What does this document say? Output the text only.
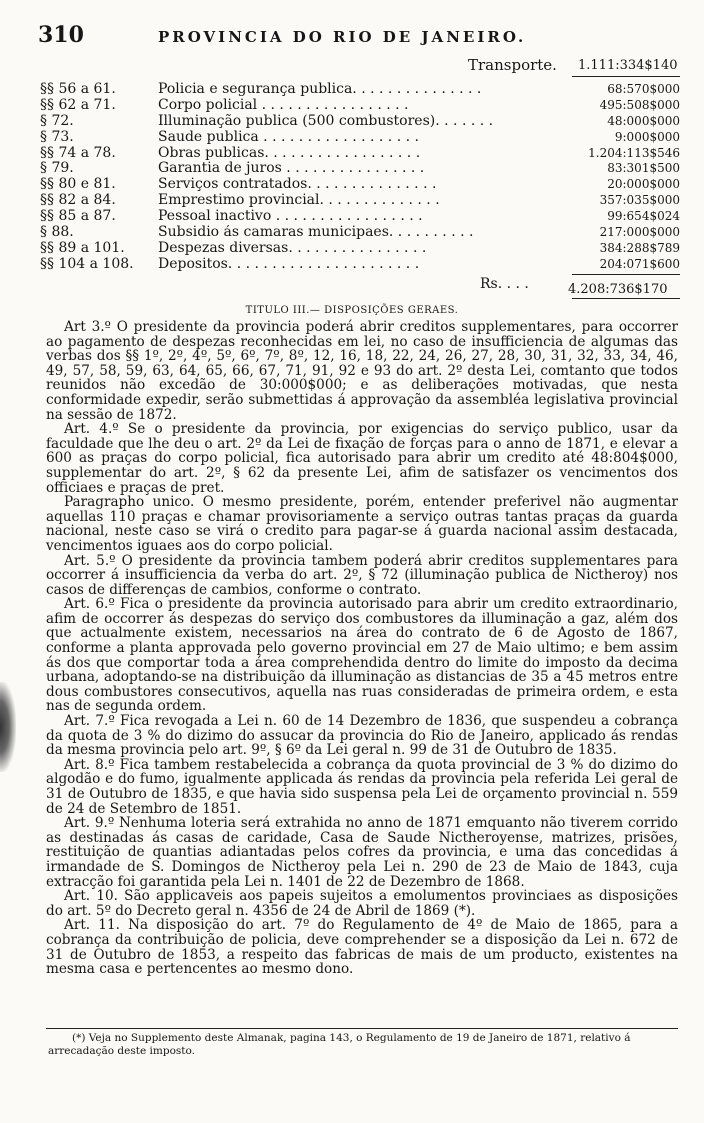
310	PROVINCIA DO RIO DE JANEIRO.
Transporte. 1.111:334$140
§§ 56 a 61.	Policia e segurança publica. . . . . . . . . . . . . . .	68:570$000
§§ 62 a 71.	Corpo policial . . . . . . . . . . . . . . . . .	495:508$000
§ 72.	Illuminação publica (500 combustores). . . . . . .	48:000$000
§ 73.	Saude publica . . . . . . . . . . . . . . . . . .	9:000$000
§§ 74 a 78.	Obras publicas. . . . . . . . . . . . . . . . . .	1.204:113$546
§ 79.	Garantia de juros . . . . . . . . . . . . . . . .	83:301$500
§§ 80 e 81.	Serviços contratados. . . . . . . . . . . . . . .	20:000$000
§§ 82 a 84.	Emprestimo provincial. . . . . . . . . . . . . .	357:035$000
§§ 85 a 87.	Pessoal inactivo . . . . . . . . . . . . . . . . .	99:654$024
§ 88.	Subsidio ás camaras municipaes. . . . . . . . . .	217:000$000
§§ 89 a 101.	Despezas diversas. . . . . . . . . . . . . . . .	384:288$789
§§ 104 a 108.	Depositos. . . . . . . . . . . . . . . . . . . . . .	204:071$600
Rs. . . .	4.208:736$170
TITULO III.— DISPOSIÇÕES GERAES.

Art 3.º O presidente da provincia poderá abrir creditos supplementares, para occorrer ao pagamento de despezas reconhecidas em lei, no caso de insufficiencia de algumas das verbas dos §§ 1º, 2º, 4º, 5º, 6º, 7º, 8º, 12, 16, 18, 22, 24, 26, 27, 28, 30, 31, 32, 33, 34, 46, 49, 57, 58, 59, 63, 64, 65, 66, 67, 71, 91, 92 e 93 do art. 2º desta Lei, comtanto que todos reunidos não excedão de 30:000$000; e as deliberações motivadas, que nesta conformidade expedir, serão submettidas á approvação da assembléa legislativa provincial na sessão de 1872.

Art. 4.º Se o presidente da provincia, por exigencias do serviço publico, usar da faculdade que lhe deu o art. 2º da Lei de fixação de forças para o anno de 1871, e elevar a 600 as praças do corpo policial, fica autorisado para abrir um credito até 48:804$000, supplementar do art. 2º, § 62 da presente Lei, afim de satisfazer os vencimentos dos officiaes e praças de pret.

Paragrapho unico. O mesmo presidente, porém, entender preferivel não augmentar aquellas 110 praças e chamar provisoriamente a serviço outras tantas praças da guarda nacional, neste caso se virá o credito para pagar-se á guarda nacional assim destacada, vencimentos iguaes aos do corpo policial.

Art. 5.º O presidente da provincia tambem poderá abrir creditos supplementares para occorrer á insufficiencia da verba do art. 2º, § 72 (illuminação publica de Nictheroy) nos casos de differenças de cambios, conforme o contrato.

Art. 6.º Fica o presidente da provincia autorisado para abrir um credito extraordinario, afim de occorrer ás despezas do serviço dos combustores da illuminação a gaz, além dos que actualmente existem, necessarios na área do contrato de 6 de Agosto de 1867, conforme a planta approvada pelo governo provincial em 27 de Maio ultimo; e bem assim ás dos que comportar toda a área comprehendida dentro do limite do imposto da decima urbana, adoptando-se na distribuição da illuminação as distancias de 35 a 45 metros entre dous combustores consecutivos, aquella nas ruas consideradas de primeira ordem, e esta nas de segunda ordem.

Art. 7.º Fica revogada a Lei n. 60 de 14 Dezembro de 1836, que suspendeu a cobrança da quota de 3 % do dizimo do assucar da provincia do Rio de Janeiro, applicado ás rendas da mesma provincia pelo art. 9º, § 6º da Lei geral n. 99 de 31 de Outubro de 1835.

Art. 8.º Fica tambem restabelecida a cobrança da quota provincial de 3 % do dizimo do algodão e do fumo, igualmente applicada ás rendas da provincia pela referida Lei geral de 31 de Outubro de 1835, e que havia sido suspensa pela Lei de orçamento provincial n. 559 de 24 de Setembro de 1851.

Art. 9.º Nenhuma loteria será extrahida no anno de 1871 emquanto não tiverem corrido as destinadas ás casas de caridade, Casa de Saude Nictheroyense, matrizes, prisões, restituição de quantias adiantadas pelos cofres da provincia, e uma das concedidas á irmandade de S. Domingos de Nictheroy pela Lei n. 290 de 23 de Maio de 1843, cuja extracção foi garantida pela Lei n. 1401 de 22 de Dezembro de 1868.

Art. 10. São applicaveis aos papeis sujeitos a emolumentos provinciaes as disposições do art. 5º do Decreto geral n. 4356 de 24 de Abril de 1869 (*).

Art. 11. Na disposição do art. 7º do Regulamento de 4º de Maio de 1865, para a cobrança da contribuição de policia, deve comprehender se a disposição da Lei n. 672 de 31 de Outubro de 1853, a respeito das fabricas de mais de um producto, existentes na mesma casa e pertencentes ao mesmo dono.

(*) Veja no Supplemento deste Almanak, pagina 143, o Regulamento de 19 de Janeiro de 1871, relativo á arrecadação deste imposto.
